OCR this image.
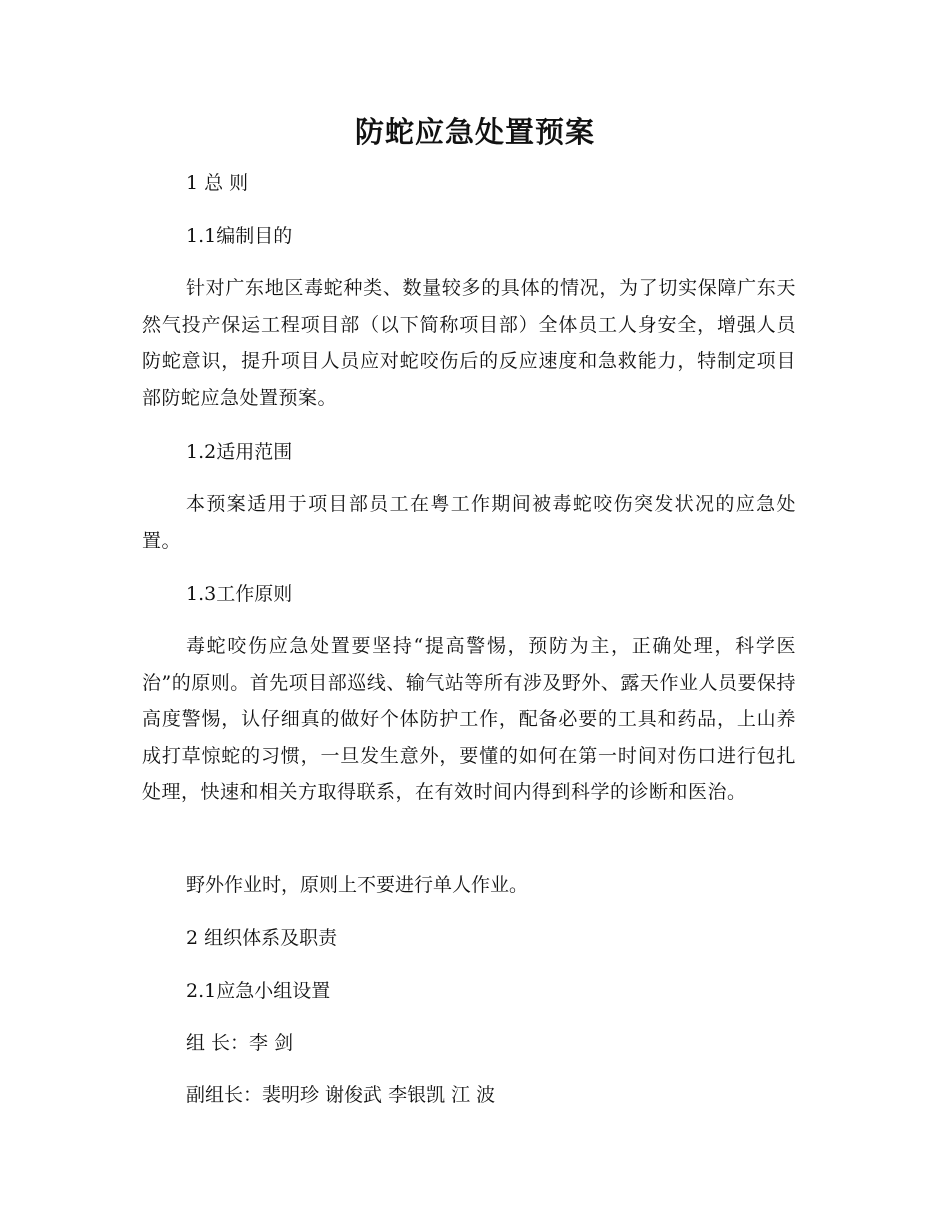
防蛇应急处置预案

1 总 则

1.1编制目的

针对广东地区毒蛇种类、数量较多的具体的情况，为了切实保障广东天然气投产保运工程项目部（以下简称项目部）全体员工人身安全，增强人员防蛇意识，提升项目人员应对蛇咬伤后的反应速度和急救能力，特制定项目部防蛇应急处置预案。

1.2适用范围

本预案适用于项目部员工在粤工作期间被毒蛇咬伤突发状况的应急处置。

1.3工作原则

毒蛇咬伤应急处置要坚持“提高警惕，预防为主，正确处理，科学医治”的原则。首先项目部巡线、输气站等所有涉及野外、露天作业人员要保持高度警惕，认仔细真的做好个体防护工作，配备必要的工具和药品，上山养成打草惊蛇的习惯，一旦发生意外，要懂的如何在第一时间对伤口进行包扎处理，快速和相关方取得联系，在有效时间内得到科学的诊断和医治。

野外作业时，原则上不要进行单人作业。

2 组织体系及职责

2.1应急小组设置

组 长：李 剑

副组长：裴明珍 谢俊武 李银凯 江 波
